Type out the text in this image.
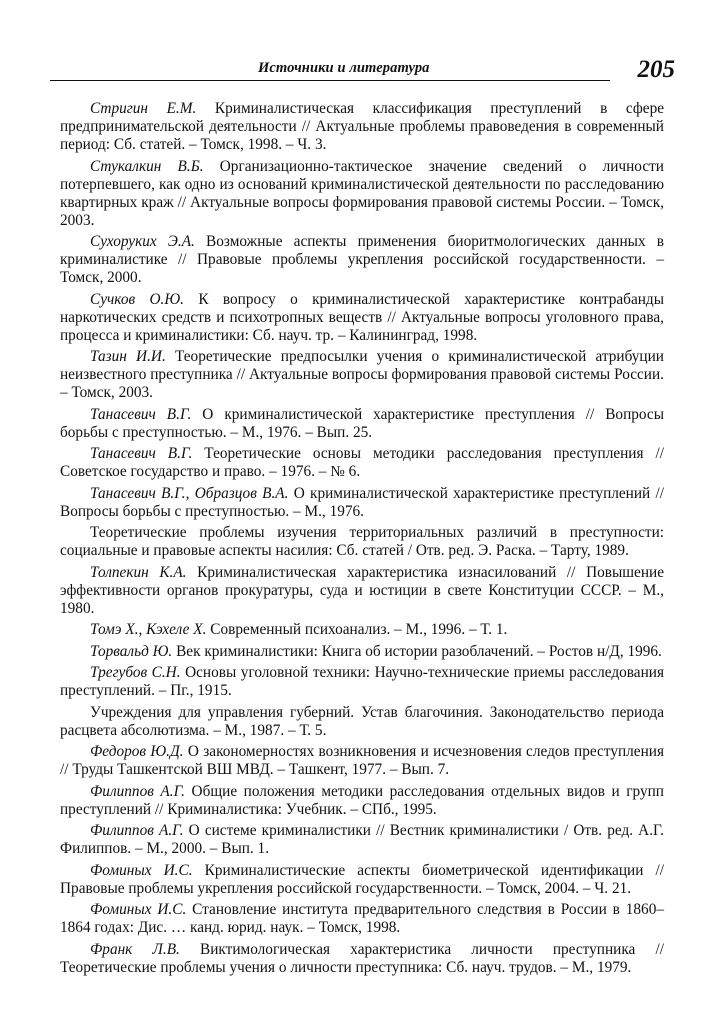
Источники и литература	205

Стригин Е.М. Криминалистическая классификация преступлений в сфере предпринимательской деятельности // Актуальные проблемы правоведения в современный период: Сб. статей. – Томск, 1998. – Ч. 3.

Стукалкин В.Б. Организационно-тактическое значение сведений о личности потерпевшего, как одно из оснований криминалистической деятельности по расследованию квартирных краж // Актуальные вопросы формирования правовой системы России. – Томск, 2003.

Сухоруких Э.А. Возможные аспекты применения биоритмологических данных в криминалистике // Правовые проблемы укрепления российской государственности. – Томск, 2000.

Сучков О.Ю. К вопросу о криминалистической характеристике контрабанды наркотических средств и психотропных веществ // Актуальные вопросы уголовного права, процесса и криминалистики: Сб. науч. тр. – Калининград, 1998.

Тазин И.И. Теоретические предпосылки учения о криминалистической атрибуции неизвестного преступника // Актуальные вопросы формирования правовой системы России. – Томск, 2003.

Танасевич В.Г. О криминалистической характеристике преступления // Вопросы борьбы с преступностью. – М., 1976. – Вып. 25.

Танасевич В.Г. Теоретические основы методики расследования преступления // Советское государство и право. – 1976. – № 6.

Танасевич В.Г., Образцов В.А. О криминалистической характеристике преступлений // Вопросы борьбы с преступностью. – М., 1976.

Теоретические проблемы изучения территориальных различий в преступности: социальные и правовые аспекты насилия: Сб. статей / Отв. ред. Э. Раска. – Тарту, 1989.

Толпекин К.А. Криминалистическая характеристика изнасилований // Повышение эффективности органов прокуратуры, суда и юстиции в свете Конституции СССР. – М., 1980.

Томэ Х., Кэхеле Х. Современный психоанализ. – М., 1996. – Т. 1.

Торвальд Ю. Век криминалистики: Книга об истории разоблачений. – Ростов н/Д, 1996.

Трегубов С.Н. Основы уголовной техники: Научно-технические приемы расследования преступлений. – Пг., 1915.

Учреждения для управления губерний. Устав благочиния. Законодательство периода расцвета абсолютизма. – М., 1987. – Т. 5.

Федоров Ю.Д. О закономерностях возникновения и исчезновения следов преступления // Труды Ташкентской ВШ МВД. – Ташкент, 1977. – Вып. 7.

Филиппов А.Г. Общие положения методики расследования отдельных видов и групп преступлений // Криминалистика: Учебник. – СПб., 1995.

Филиппов А.Г. О системе криминалистики // Вестник криминалистики / Отв. ред. А.Г. Филиппов. – М., 2000. – Вып. 1.

Фоминых И.С. Криминалистические аспекты биометрической идентификации // Правовые проблемы укрепления российской государственности. – Томск, 2004. – Ч. 21.

Фоминых И.С. Становление института предварительного следствия в России в 1860–1864 годах: Дис. … канд. юрид. наук. – Томск, 1998.

Франк Л.В. Виктимологическая характеристика личности преступника // Теоретические проблемы учения о личности преступника: Сб. науч. трудов. – М., 1979.
